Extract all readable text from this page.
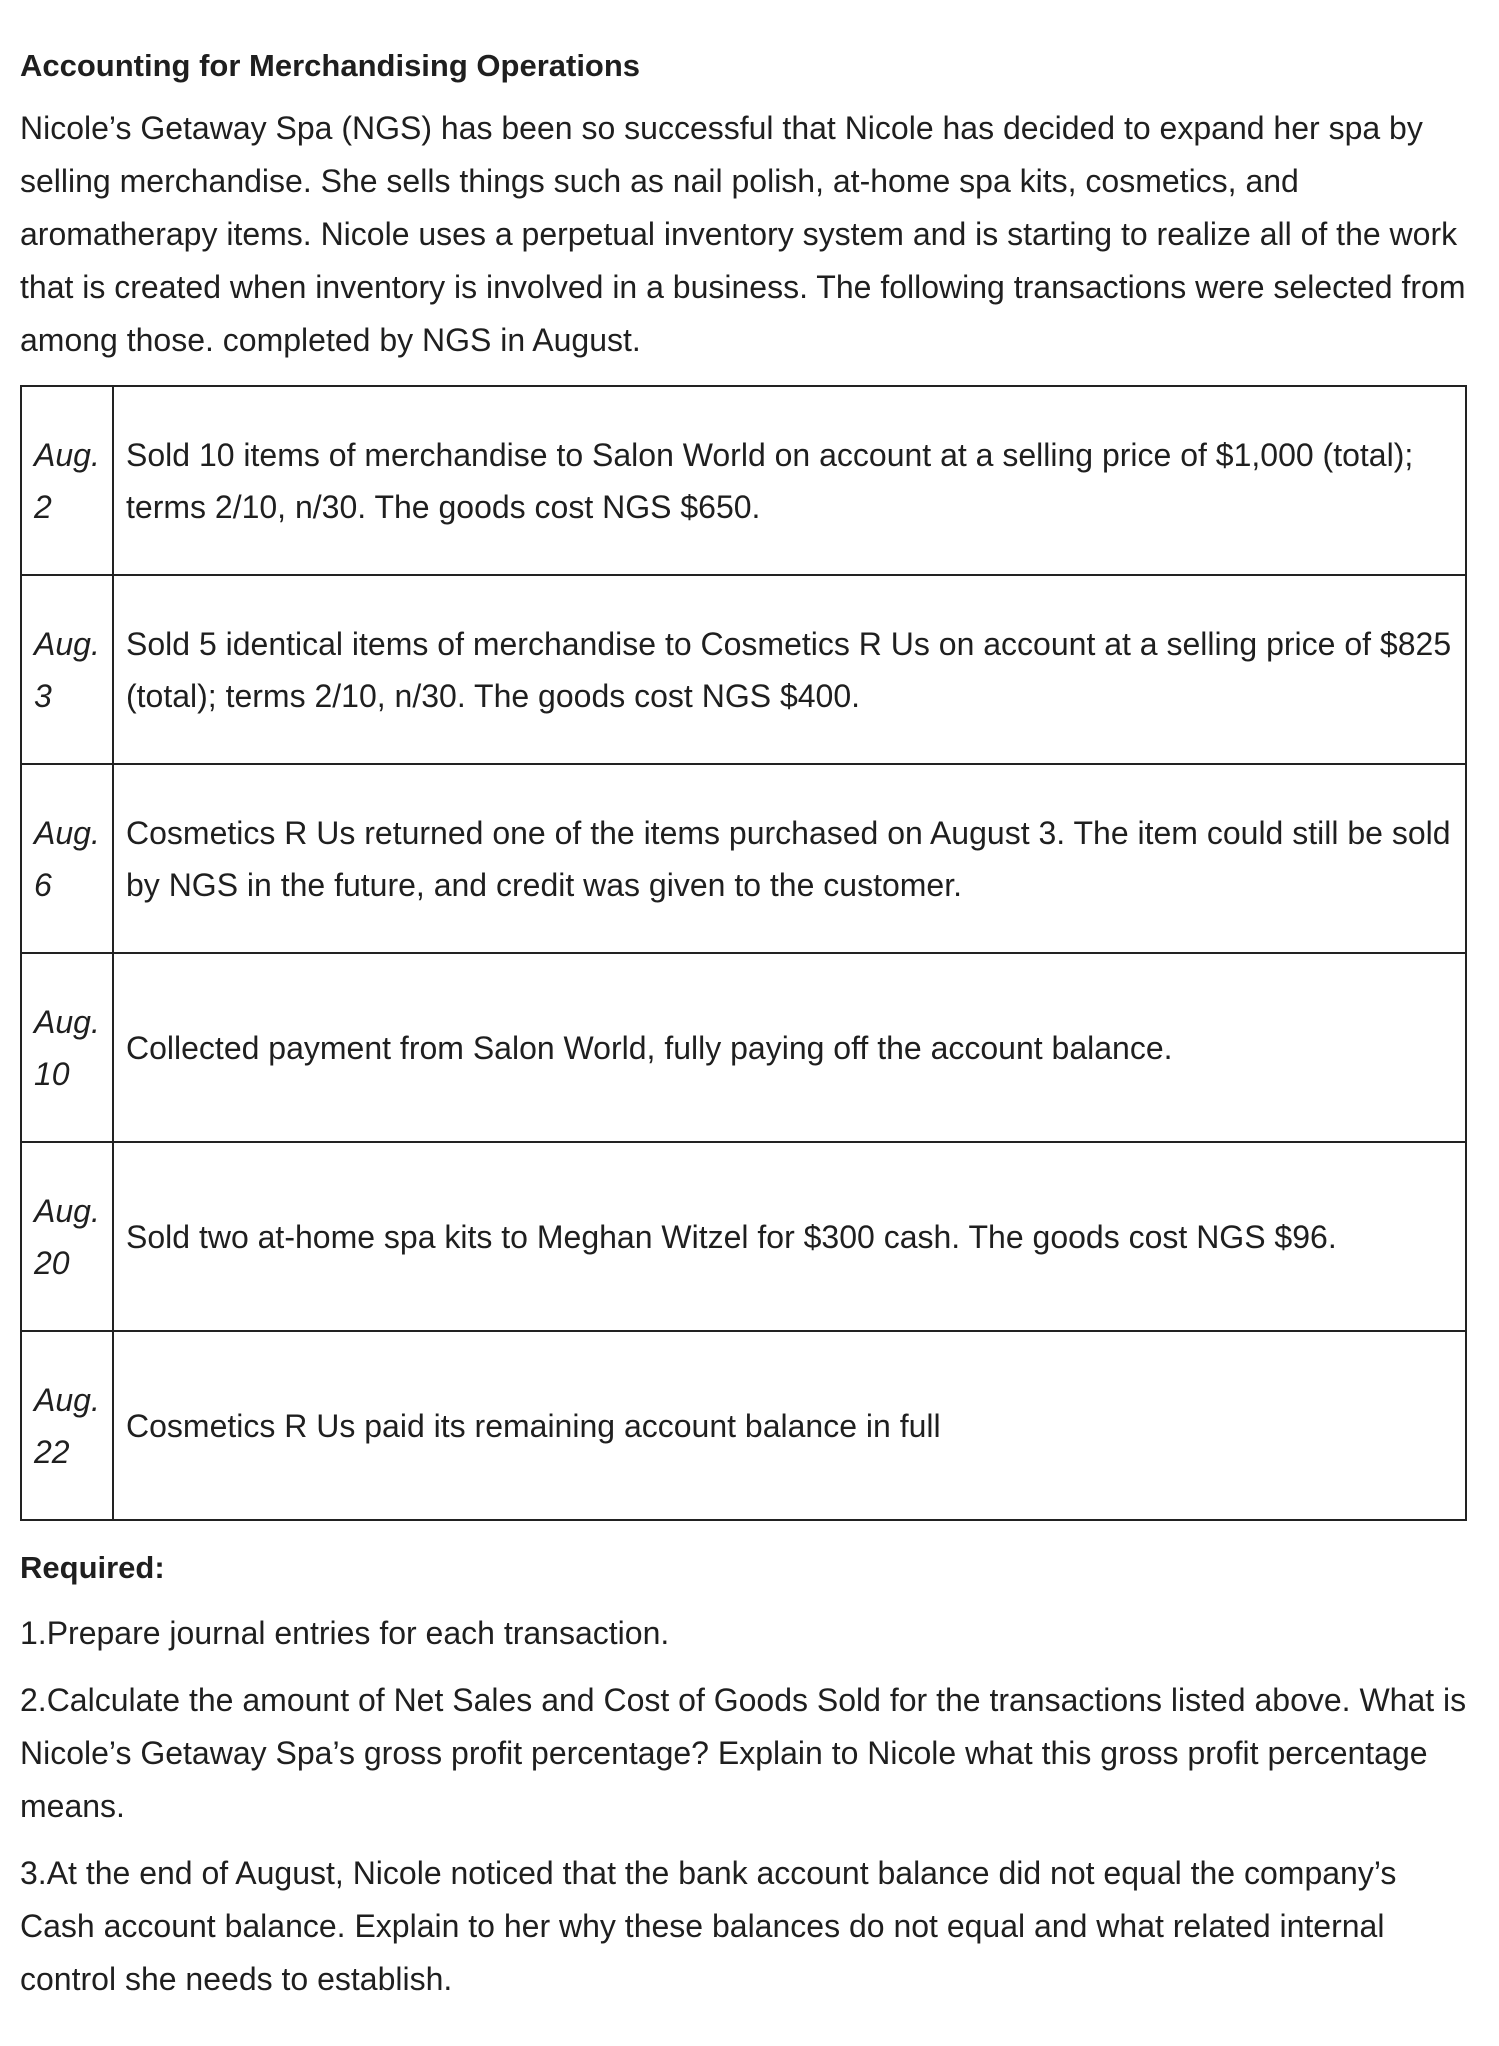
Accounting for Merchandising Operations

Nicole’s Getaway Spa (NGS) has been so successful that Nicole has decided to expand her spa by selling merchandise. She sells things such as nail polish, at-home spa kits, cosmetics, and aromatherapy items. Nicole uses a perpetual inventory system and is starting to realize all of the work that is created when inventory is involved in a business. The following transactions were selected from among those. completed by NGS in August.

Aug.
2	Sold 10 items of merchandise to Salon World on account at a selling price of $1,000 (total); terms 2/10, n/30. The goods cost NGS $650.

Aug.
3	Sold 5 identical items of merchandise to Cosmetics R Us on account at a selling price of $825 (total); terms 2/10, n/30. The goods cost NGS $400.

Aug.
6	Cosmetics R Us returned one of the items purchased on August 3. The item could still be sold by NGS in the future, and credit was given to the customer.

Aug.
10	Collected payment from Salon World, fully paying off the account balance.

Aug.
20	Sold two at-home spa kits to Meghan Witzel for $300 cash. The goods cost NGS $96.

Aug.
22	Cosmetics R Us paid its remaining account balance in full
Required:

1.Prepare journal entries for each transaction.

2.Calculate the amount of Net Sales and Cost of Goods Sold for the transactions listed above. What is Nicole’s Getaway Spa’s gross profit percentage? Explain to Nicole what this gross profit percentage means.

3.At the end of August, Nicole noticed that the bank account balance did not equal the company’s Cash account balance. Explain to her why these balances do not equal and what related internal control she needs to establish.
